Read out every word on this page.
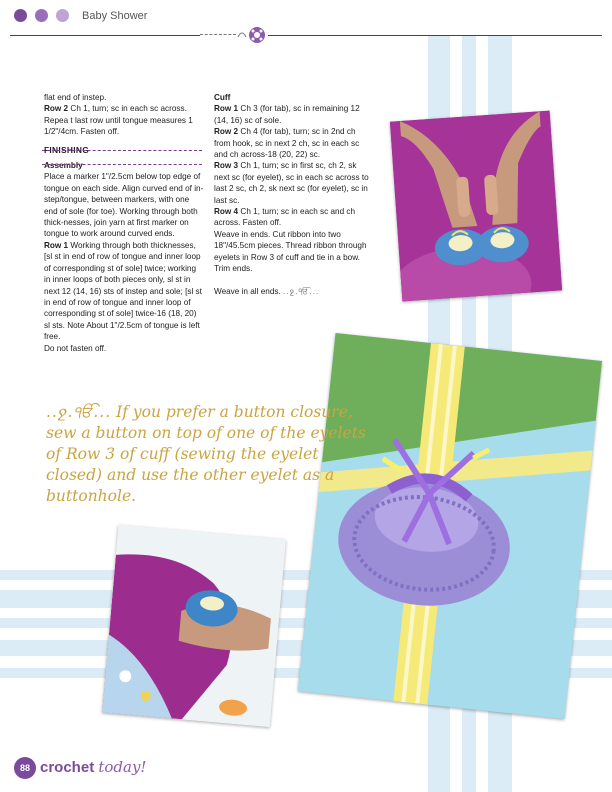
Baby Shower

flat end of instep.

Row 2 Ch 1, turn; sc in each sc across. Repea t last row until tongue measures 1 1/2"/4cm. Fasten off.

FINISHING

Assembly

Place a marker 1"/2.5cm below top edge of tongue on each side. Align curved end of in-step/tongue, between markers, with one end of sole (for toe). Working through both thick-nesses, join yarn at first marker on tongue to work around curved ends.

Row 1 Working through both thicknesses, [sl st in end of row of tongue and inner loop of corresponding st of sole] twice; working in inner loops of both pieces only, sl st in next 12 (14, 16) sts of instep and sole; [sl st in end of row of tongue and inner loop of corresponding st of sole] twice-16 (18, 20) sl sts. Note About 1"/2.5cm of tongue is left free.

Do not fasten off.

Cuff

Row 1 Ch 3 (for tab), sc in remaining 12 (14, 16) sc of sole.

Row 2 Ch 4 (for tab), turn; sc in 2nd ch from hook, sc in next 2 ch, sc in each sc and ch across-18 (20, 22) sc.

Row 3 Ch 1, turn; sc in first sc, ch 2, sk next sc (for eyelet), sc in each sc across to last 2 sc, ch 2, sk next sc (for eyelet), sc in last sc.

Row 4 Ch 1, turn; sc in each sc and ch across. Fasten off.

Weave in ends. Cut ribbon into two 18"/45.5cm pieces. Thread ribbon through eyelets in Row 3 of cuff and tie in a bow. Trim ends.

Weave in all ends. ..ջ.ੴ...

..ջ.ੴ... If you prefer a button closure, sew a button on top of one of the eyelets of Row 3 of cuff (sewing the eyelet closed) and use the other eyelet as a buttonhole.
88 crochet today!
